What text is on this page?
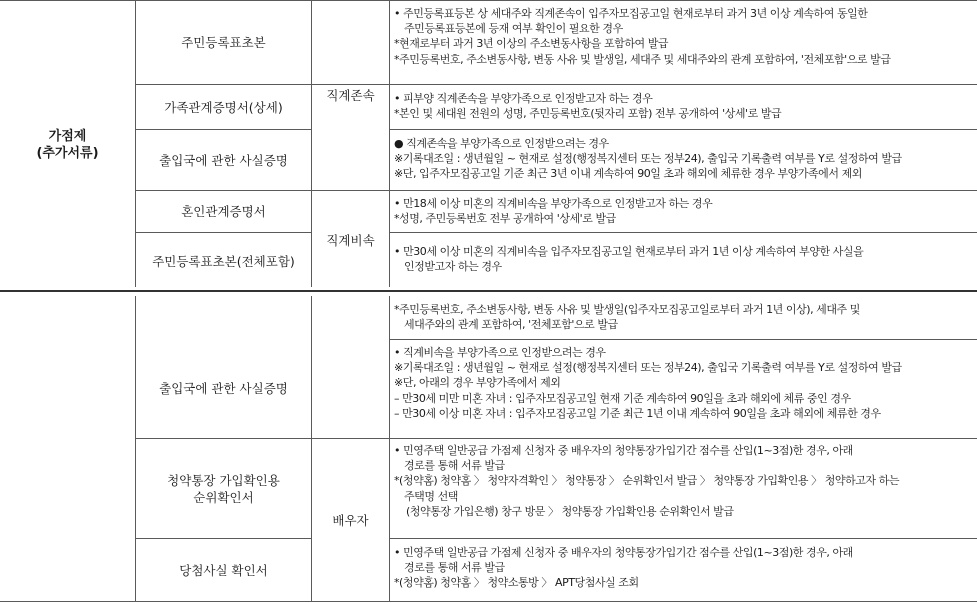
가점제
(추가서류)
주민등록표초본
가족관계증명서(상세)
출입국에 관한 사실증명
혼인관계증명서
주민등록표초본(전체포함)
출입국에 관한 사실증명
청약통장 가입확인용
순위확인서
당첨사실 확인서
직계존속
직계비속
배우자
• 주민등록표등본 상 세대주와 직계존속이 입주자모집공고일 현재로부터 과거 3년 이상 계속하여 동일한
주민등록표등본에 등재 여부 확인이 필요한 경우
*현재로부터 과거 3년 이상의 주소변동사항을 포함하여 발급
*주민등록번호, 주소변동사항, 변동 사유 및 발생일, 세대주 및 세대주와의 관계 포함하여, '전체포함'으로 발급
• 피부양 직계존속을 부양가족으로 인정받고자 하는 경우
*본인 및 세대원 전원의 성명, 주민등록번호(뒷자리 포함) 전부 공개하여 '상세'로 발급
● 직계존속을 부양가족으로 인정받으려는 경우
※기록대조일 : 생년월일 ~ 현재로 설정(행정복지센터 또는 정부24), 출입국 기록출력 여부를 Y로 설정하여 발급
※단, 입주자모집공고일 기준 최근 3년 이내 계속하여 90일 초과 해외에 체류한 경우 부양가족에서 제외
• 만18세 이상 미혼의 직계비속을 부양가족으로 인정받고자 하는 경우
*성명, 주민등록번호 전부 공개하여 '상세'로 발급
• 만30세 이상 미혼의 직계비속을 입주자모집공고일 현재로부터 과거 1년 이상 계속하여 부양한 사실을
인정받고자 하는 경우
*주민등록번호, 주소변동사항, 변동 사유 및 발생일(입주자모집공고일로부터 과거 1년 이상), 세대주 및
세대주와의 관계 포함하여, '전체포함'으로 발급
• 직계비속을 부양가족으로 인정받으려는 경우
※기록대조일 : 생년월일 ~ 현재로 설정(행정복지센터 또는 정부24), 출입국 기록출력 여부를 Y로 설정하여 발급
※단, 아래의 경우 부양가족에서 제외
– 만30세 미만 미혼 자녀 : 입주자모집공고일 현재 기준 계속하여 90일을 초과 해외에 체류 중인 경우
– 만30세 이상 미혼 자녀 : 입주자모집공고일 기준 최근 1년 이내 계속하여 90일을 초과 해외에 체류한 경우
• 민영주택 일반공급 가점제 신청자 중 배우자의 청약통장가입기간 점수를 산입(1~3점)한 경우, 아래
경로를 통해 서류 발급
*(청약홈) 청약홈 〉 청약자격확인 〉 청약통장 〉 순위확인서 발급 〉 청약통장 가입확인용 〉 청약하고자 하는
주택명 선택
(청약통장 가입은행) 창구 방문 〉 청약통장 가입확인용 순위확인서 발급
• 민영주택 일반공급 가점제 신청자 중 배우자의 청약통장가입기간 점수를 산입(1~3점)한 경우, 아래
경로를 통해 서류 발급
*(청약홈) 청약홈 〉 청약소통방 〉 APT당첨사실 조회
